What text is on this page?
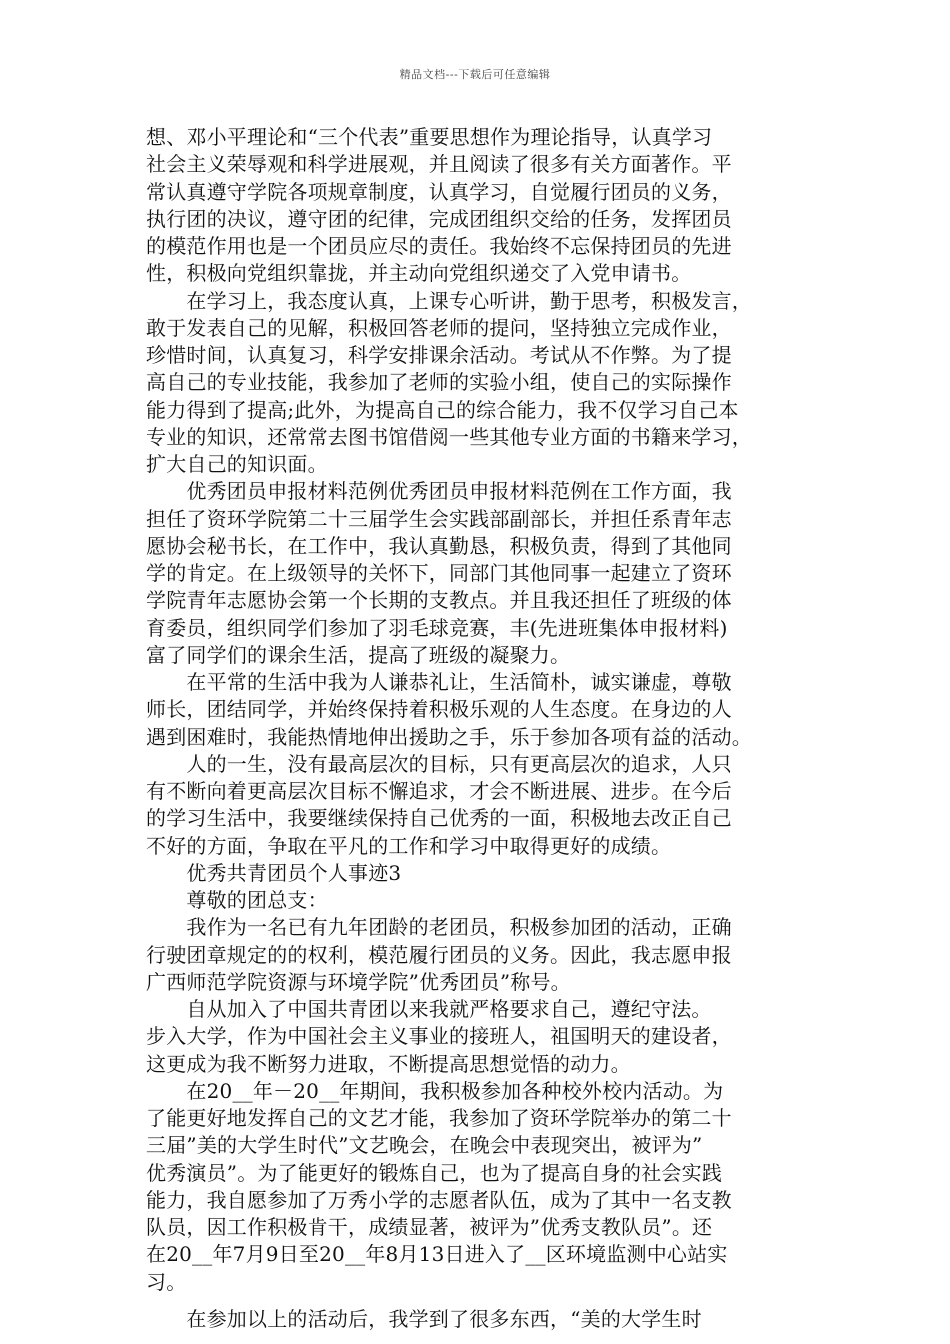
精品文档---下载后可任意编辑
想、邓小平理论和“三个代表”重要思想作为理论指导，认真学习
社会主义荣辱观和科学进展观，并且阅读了很多有关方面著作。平
常认真遵守学院各项规章制度，认真学习，自觉履行团员的义务，
执行团的决议，遵守团的纪律，完成团组织交给的任务，发挥团员
的模范作用也是一个团员应尽的责任。我始终不忘保持团员的先进
性，积极向党组织靠拢，并主动向党组织递交了入党申请书。
　　在学习上，我态度认真，上课专心听讲，勤于思考，积极发言，
敢于发表自己的见解，积极回答老师的提问，坚持独立完成作业，
珍惜时间，认真复习，科学安排课余活动。考试从不作弊。为了提
高自己的专业技能，我参加了老师的实验小组，使自己的实际操作
能力得到了提高;此外，为提高自己的综合能力，我不仅学习自己本
专业的知识，还常常去图书馆借阅一些其他专业方面的书籍来学习，
扩大自己的知识面。
　　优秀团员申报材料范例优秀团员申报材料范例在工作方面，我
担任了资环学院第二十三届学生会实践部副部长，并担任系青年志
愿协会秘书长，在工作中，我认真勤恳，积极负责，得到了其他同
学的肯定。在上级领导的关怀下，同部门其他同事一起建立了资环
学院青年志愿协会第一个长期的支教点。并且我还担任了班级的体
育委员，组织同学们参加了羽毛球竞赛，丰(先进班集体申报材料)
富了同学们的课余生活，提高了班级的凝聚力。
　　在平常的生活中我为人谦恭礼让，生活简朴，诚实谦虚，尊敬
师长，团结同学，并始终保持着积极乐观的人生态度。在身边的人
遇到困难时，我能热情地伸出援助之手，乐于参加各项有益的活动。
　　人的一生，没有最高层次的目标，只有更高层次的追求，人只
有不断向着更高层次目标不懈追求，才会不断进展、进步。在今后
的学习生活中，我要继续保持自己优秀的一面，积极地去改正自己
不好的方面，争取在平凡的工作和学习中取得更好的成绩。
　　优秀共青团员个人事迹3
　　尊敬的团总支：
　　我作为一名已有九年团龄的老团员，积极参加团的活动，正确
行驶团章规定的的权利，模范履行团员的义务。因此，我志愿申报
广西师范学院资源与环境学院”优秀团员”称号。
　　自从加入了中国共青团以来我就严格要求自己，遵纪守法。
步入大学，作为中国社会主义事业的接班人，祖国明天的建设者，
这更成为我不断努力进取，不断提高思想觉悟的动力。
　　在20__年－20__年期间，我积极参加各种校外校内活动。为
了能更好地发挥自己的文艺才能，我参加了资环学院举办的第二十
三届”美的大学生时代”文艺晚会，在晚会中表现突出，被评为”
优秀演员”。为了能更好的锻炼自己，也为了提高自身的社会实践
能力，我自愿参加了万秀小学的志愿者队伍，成为了其中一名支教
队员，因工作积极肯干，成绩显著，被评为”优秀支教队员”。还
在20__年7月9日至20__年8月13日进入了__区环境监测中心站实
习。
　　在参加以上的活动后，我学到了很多东西，“美的大学生时
